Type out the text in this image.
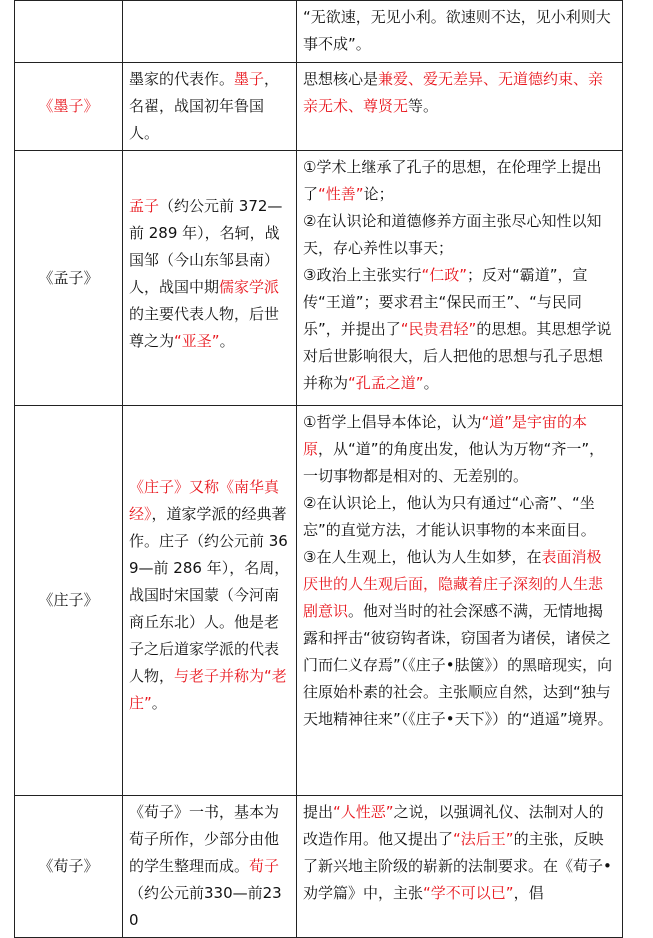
		“无欲速，无见小利。欲速则不达，见小利则大事不成”。
《墨子》	墨家的代表作。墨子，名翟，战国初年鲁国人。	思想核心是兼爱、爱无差异、无道德约束、亲亲无术、尊贤无等。
《孟子》	孟子（约公元前 372—前 289 年），名轲，战国邹（今山东邹县南）人，战国中期儒家学派的主要代表人物，后世尊之为“亚圣”。	①学术上继承了孔子的思想，在伦理学上提出了“性善”论；
②在认识论和道德修养方面主张尽心知性以知天，存心养性以事天；
③政治上主张实行“仁政”；反对“霸道”，宣传“王道”；要求君主“保民而王”、“与民同乐”，并提出了“民贵君轻”的思想。其思想学说对后世影响很大，后人把他的思想与孔子思想并称为“孔孟之道”。
《庄子》	《庄子》又称《南华真经》，道家学派的经典著作。庄子（约公元前 369—前 286 年），名周，战国时宋国蒙（今河南商丘东北）人。他是老子之后道家学派的代表人物，与老子并称为“老庄”。	①哲学上倡导本体论，认为“道”是宇宙的本原，从“道”的角度出发，他认为万物“齐一”，一切事物都是相对的、无差别的。
②在认识论上，他认为只有通过“心斋”、“坐忘”的直觉方法，才能认识事物的本来面目。
③在人生观上，他认为人生如梦，在表面消极厌世的人生观后面，隐藏着庄子深刻的人生悲剧意识。他对当时的社会深感不满，无情地揭露和抨击“彼窃钩者诛，窃国者为诸侯，诸侯之门而仁义存焉”（《庄子•胠箧》）的黑暗现实，向往原始朴素的社会。主张顺应自然，达到“独与天地精神往来”（《庄子•天下》）的“逍遥”境界。
《荀子》	《荀子》一书，基本为荀子所作，少部分由他的学生整理而成。荀子（约公元前330—前230	提出“人性恶”之说，以强调礼仪、法制对人的改造作用。他又提出了“法后王”的主张，反映了新兴地主阶级的崭新的法制要求。在《荀子•劝学篇》中，主张“学不可以已”，倡
